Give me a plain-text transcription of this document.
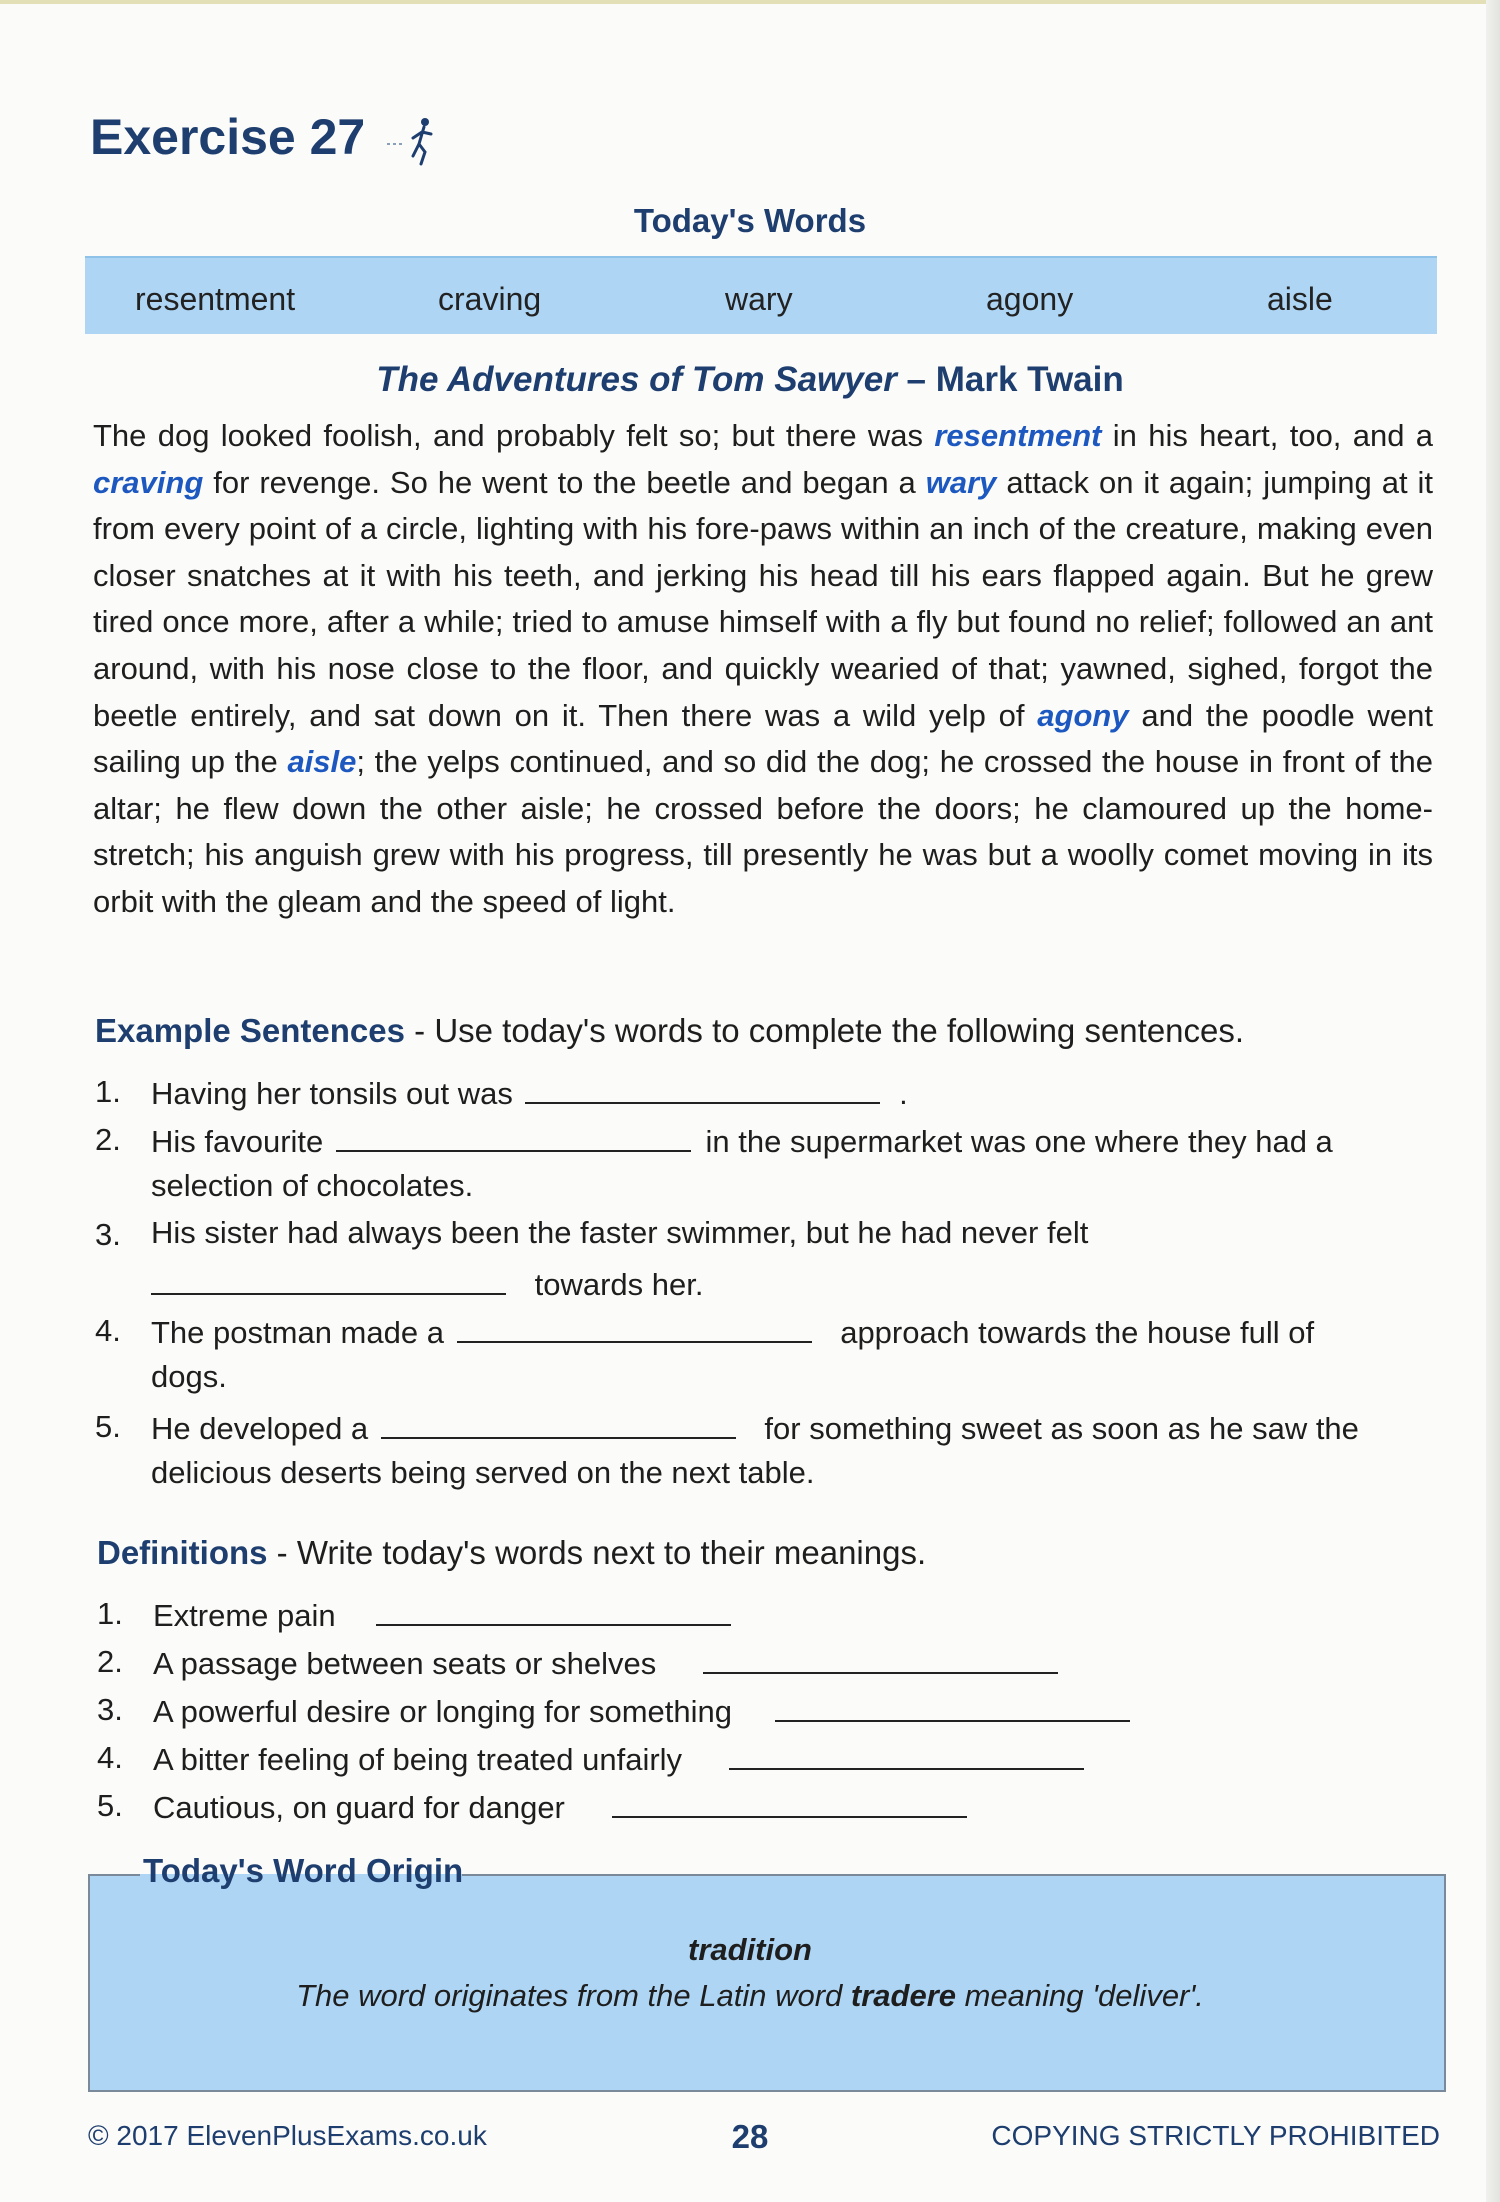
Exercise 27
Today's Words
resentment	craving	wary	agony	aisle
The Adventures of Tom Sawyer – Mark Twain
The dog looked foolish, and probably felt so; but there was resentment in his heart, too, and a craving for revenge. So he went to the beetle and began a wary attack on it again; jumping at it from every point of a circle, lighting with his fore-paws within an inch of the creature, making even closer snatches at it with his teeth, and jerking his head till his ears flapped again. But he grew tired once more, after a while; tried to amuse himself with a fly but found no relief; followed an ant around, with his nose close to the floor, and quickly wearied of that; yawned, sighed, forgot the beetle entirely, and sat down on it. Then there was a wild yelp of agony and the poodle went sailing up the aisle; the yelps continued, and so did the dog; he crossed the house in front of the altar; he flew down the other aisle; he crossed before the doors; he clamoured up the home-stretch; his anguish grew with his progress, till presently he was but a woolly comet moving in its orbit with the gleam and the speed of light.
Example Sentences - Use today's words to complete the following sentences.
1. Having her tonsils out was	.
2. His favourite	in the supermarket was one where they had a
selection of chocolates.
3. His sister had always been the faster swimmer, but he had never felt
towards her.
4. The postman made a	approach towards the house full of
dogs.
5. He developed a	for something sweet as soon as he saw the
delicious deserts being served on the next table.
Definitions - Write today's words next to their meanings.
1. Extreme pain
2. A passage between seats or shelves
3. A powerful desire or longing for something
4. A bitter feeling of being treated unfairly
5. Cautious, on guard for danger
Today's Word Origin
tradition
The word originates from the Latin word tradere meaning 'deliver'.
© 2017 ElevenPlusExams.co.uk	28	COPYING STRICTLY PROHIBITED
